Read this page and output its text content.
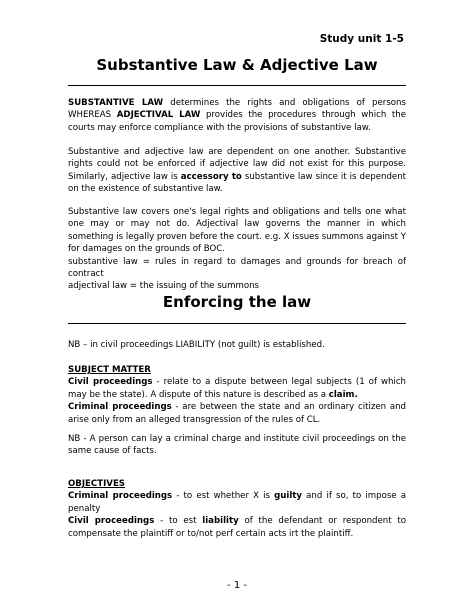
Study unit 1-5
Substantive Law & Adjective Law

SUBSTANTIVE LAW determines the rights and obligations of persons WHEREAS ADJECTIVAL LAW provides the procedures through which the courts may enforce compliance with the provisions of substantive law.

Substantive and adjective law are dependent on one another. Substantive rights could not be enforced if adjective law did not exist for this purpose. Similarly, adjective law is accessory to substantive law since it is dependent on the existence of substantive law.

Substantive law covers one's legal rights and obligations and tells one what one may or may not do. Adjectival law governs the manner in which something is legally proven before the court. e.g. X issues summons against Y for damages on the grounds of BOC.

substantive law = rules in regard to damages and grounds for breach of contract

adjectival law = the issuing of the summons

Enforcing the law

NB – in civil proceedings LIABILITY (not guilt) is established.

SUBJECT MATTER

Civil proceedings - relate to a dispute between legal subjects (1 of which may be the state). A dispute of this nature is described as a claim.

Criminal proceedings - are between the state and an ordinary citizen and arise only from an alleged transgression of the rules of CL.

NB - A person can lay a criminal charge and institute civil proceedings on the same cause of facts.

OBJECTIVES

Criminal proceedings - to est whether X is guilty and if so, to impose a penalty

Civil proceedings - to est liability of the defendant or respondent to compensate the plaintiff or to/not perf certain acts irt the plaintiff.

- 1 -
